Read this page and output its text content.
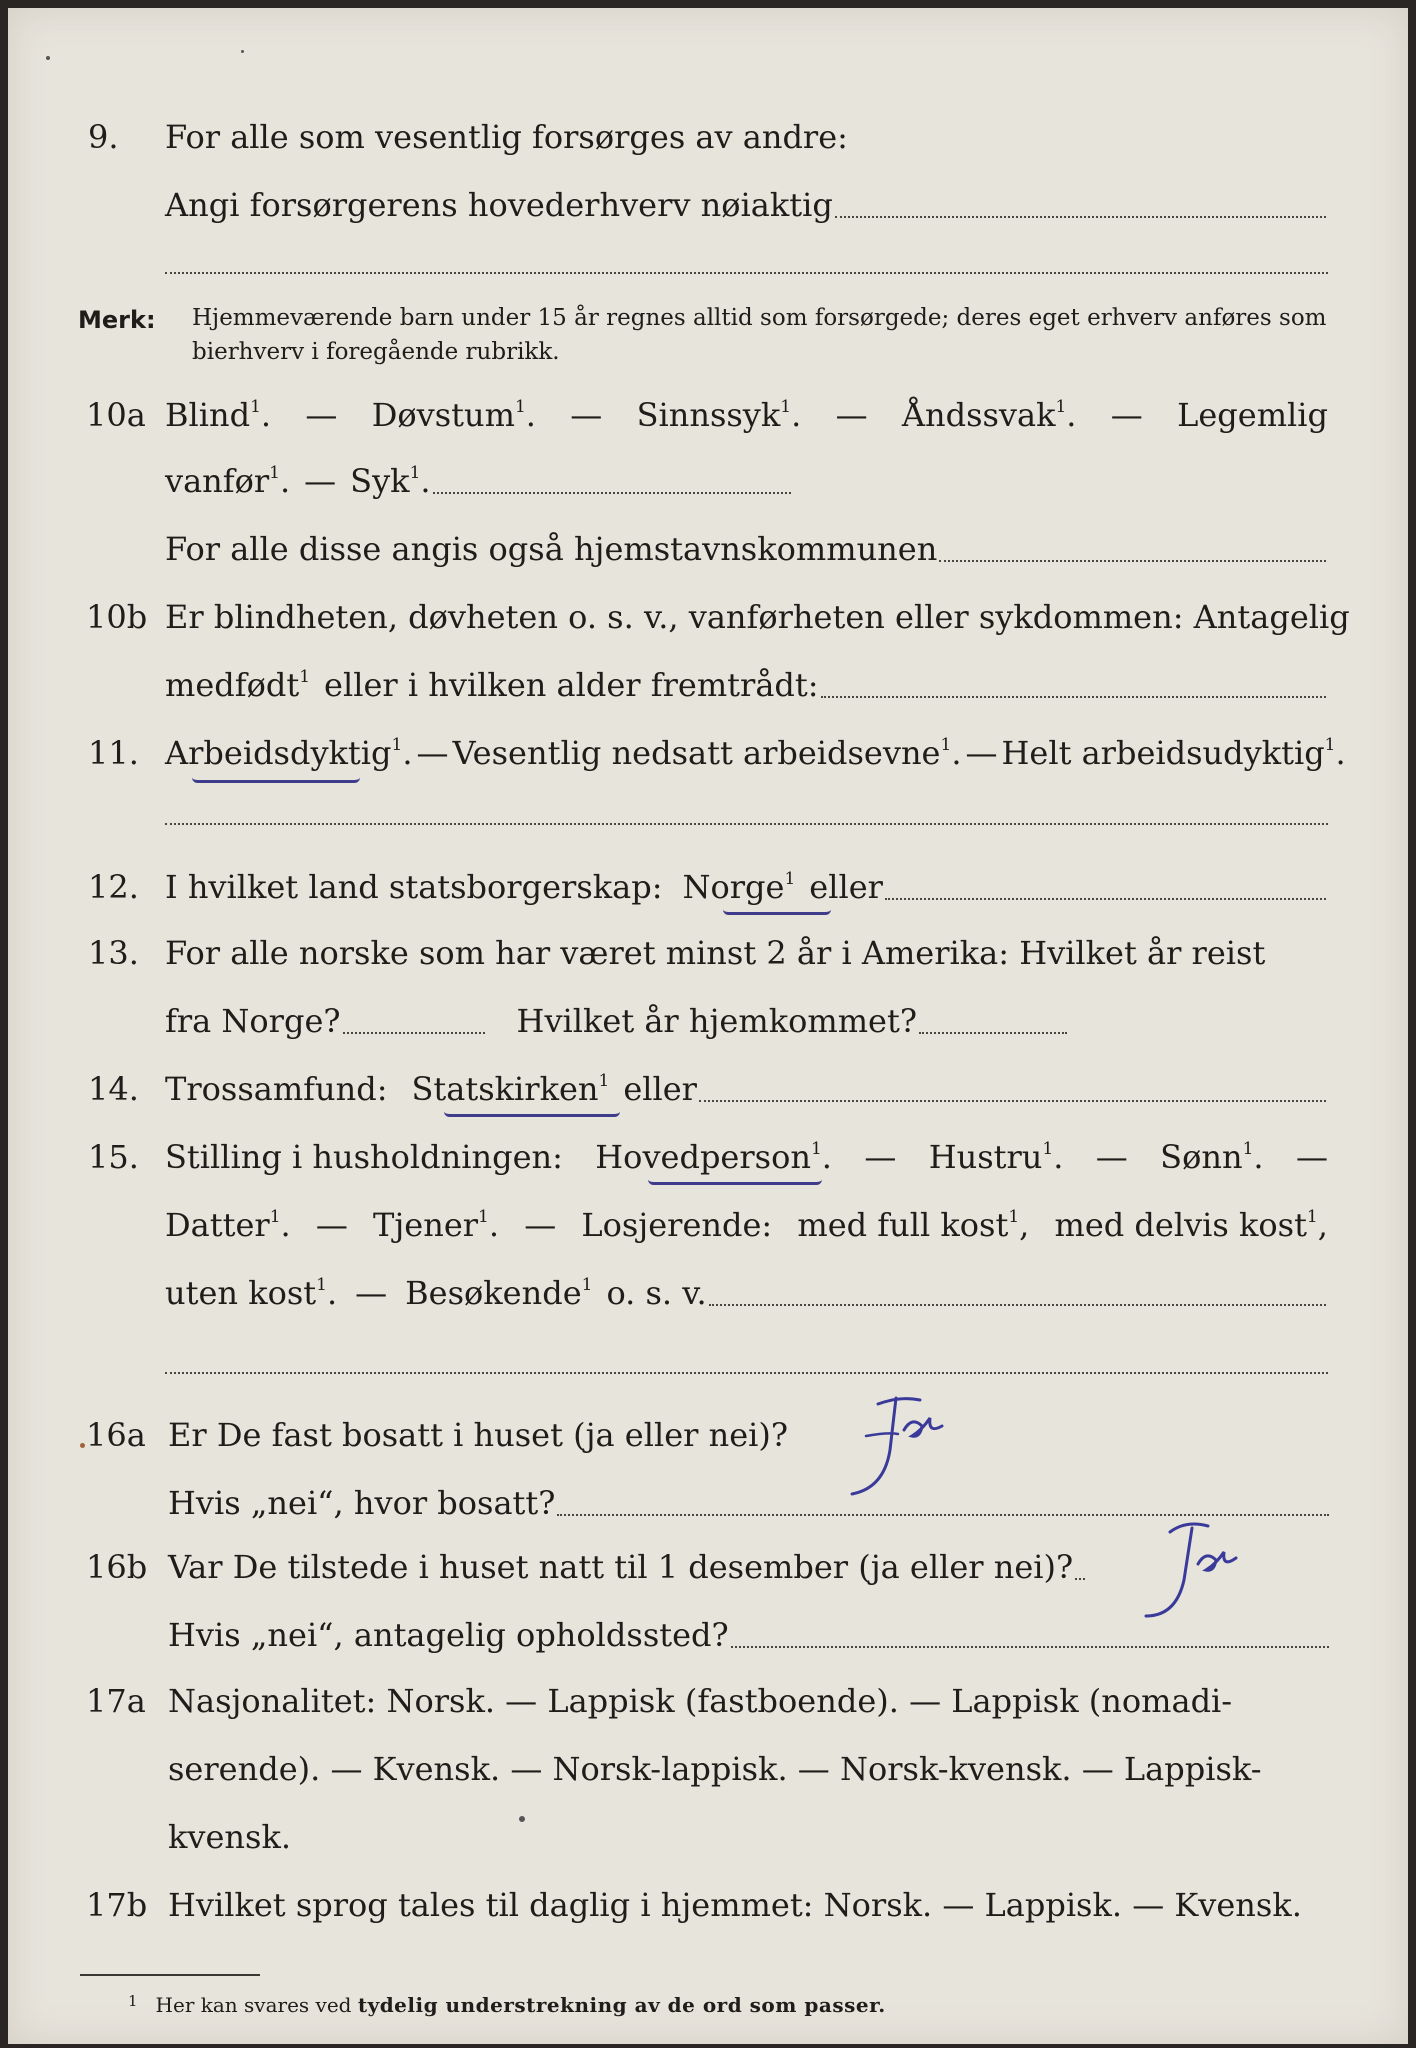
9. For alle som vesentlig forsørges av andre:
Angi forsørgerens hovederhverv nøiaktig
Merk: Hjemmeværende barn under 15 år regnes alltid som forsørgede; deres eget erhverv anføres som bierhverv i foregående rubrikk.
10a Blind$^1$. — Døvstum$^1$. — Sinnssyk$^1$. — Åndssvak$^1$. — Legemlig
vanfør$^1$. — Syk$^1$.
For alle disse angis også hjemstavnskommunen
10b Er blindheten, døvheten o. s. v., vanførheten eller sykdommen: Antagelig
medfødt$^1$ eller i hvilken alder fremtrådt:
11. Arbeidsdyktig$^1$. — Vesentlig nedsatt arbeidsevne$^1$. — Helt arbeidsudyktig$^1$.
12. I hvilket land statsborgerskap: Norge$^1$ eller
13. For alle norske som har været minst 2 år i Amerika: Hvilket år reist
fra Norge?	Hvilket år hjemkommet?
14. Trossamfund: Statskirken$^1$ eller
15. Stilling i husholdningen: Hovedperson$^1$. — Hustru$^1$. — Sønn$^1$. —
Datter$^1$. — Tjener$^1$. — Losjerende: med full kost$^1$, med delvis kost$^1$,
uten kost$^1$. — Besøkende$^1$ o. s. v.
16a Er De fast bosatt i huset (ja eller nei)?
Hvis „nei“, hvor bosatt?
Ja
16b Var De tilstede i huset natt til 1 desember (ja eller nei)?
Hvis „nei“, antagelig opholdssted?
Ja
17a Nasjonalitet: Norsk. — Lappisk (fastboende). — Lappisk (nomadi-
serende). — Kvensk. — Norsk-lappisk. — Norsk-kvensk. — Lappisk-
kvensk.
17b Hvilket sprog tales til daglig i hjemmet: Norsk. — Lappisk. — Kvensk.
$^1$ Her kan svares ved tydelig understrekning av de ord som passer.
